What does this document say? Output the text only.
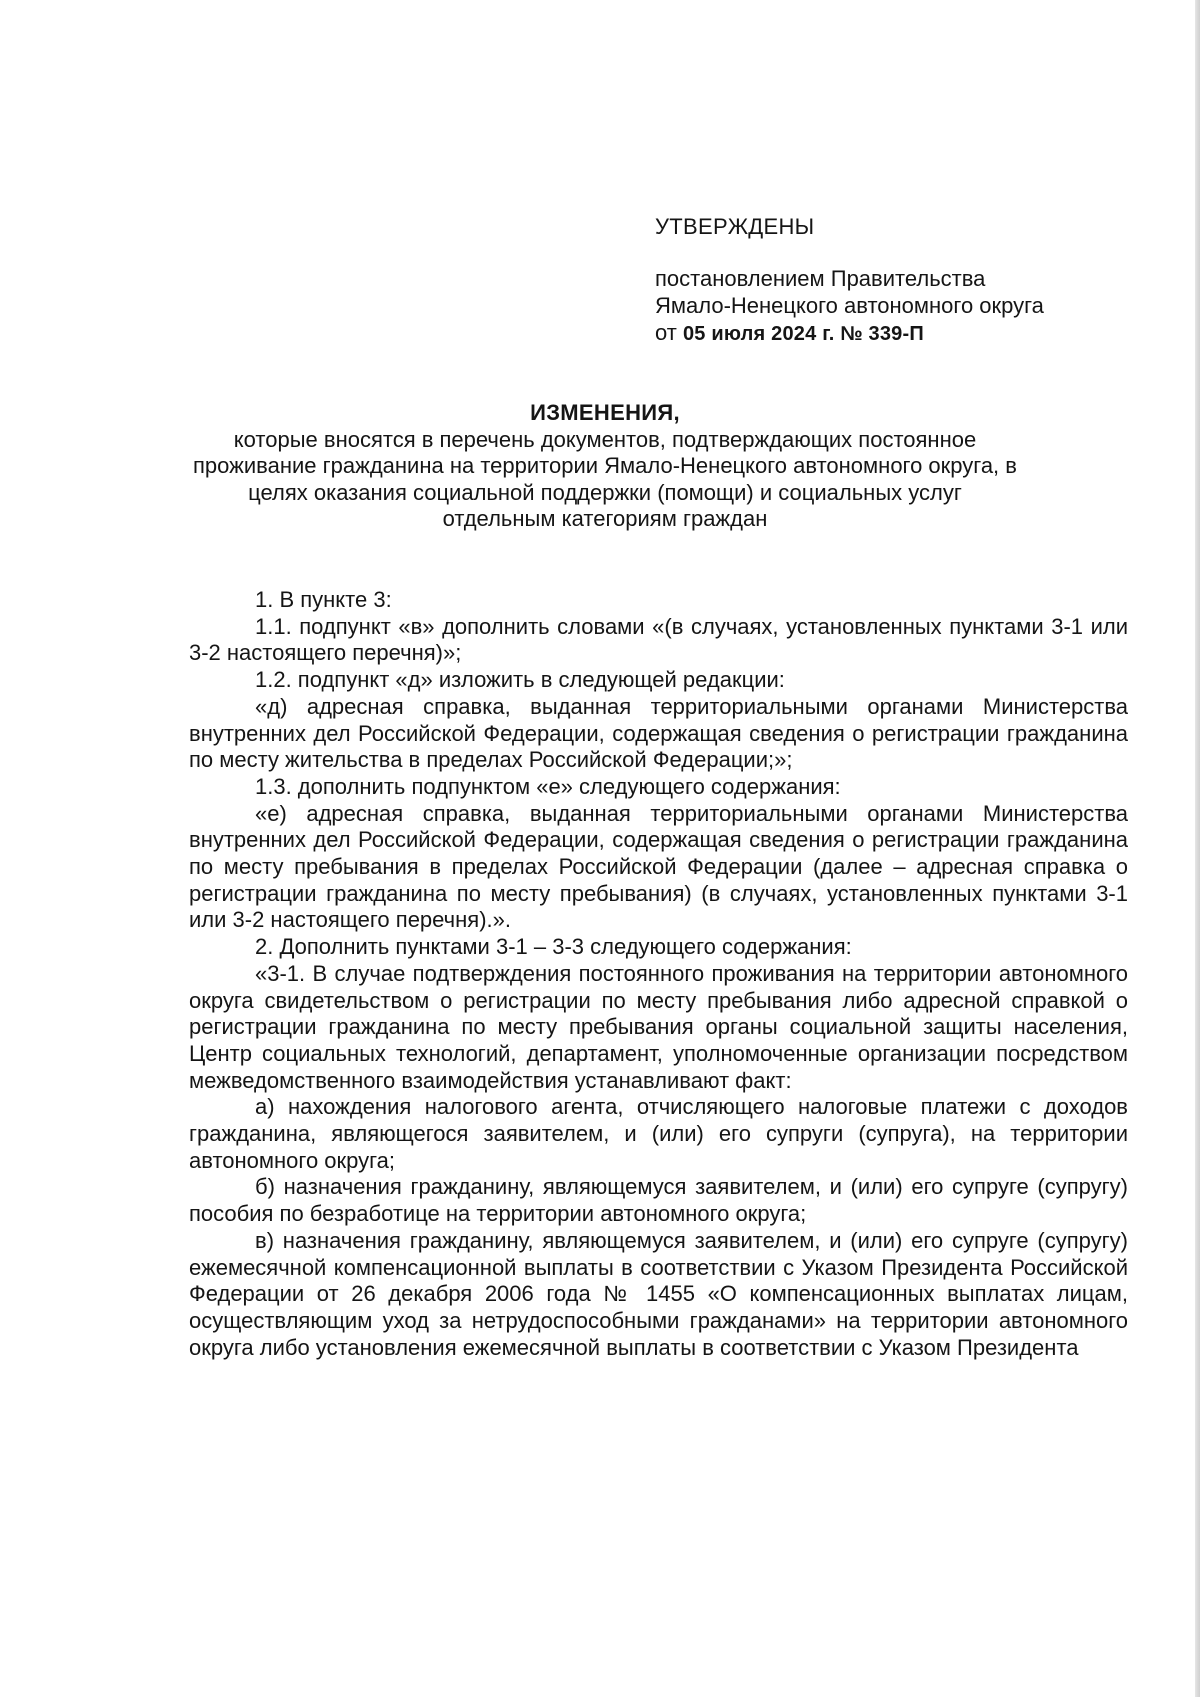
УТВЕРЖДЕНЫ
постановлением Правительства
Ямало-Ненецкого автономного округа
от 05 июля 2024 г. № 339-П
ИЗМЕНЕНИЯ,
которые вносятся в перечень документов, подтверждающих постоянное проживание гражданина на территории Ямало-Ненецкого автономного округа, в целях оказания социальной поддержки (помощи) и социальных услуг отдельным категориям граждан

1. В пункте 3:

1.1. подпункт «в» дополнить словами «(в случаях, установленных пунктами 3-1 или 3-2 настоящего перечня)»;

1.2. подпункт «д» изложить в следующей редакции:

«д) адресная справка, выданная территориальными органами Министерства внутренних дел Российской Федерации, содержащая сведения о регистрации гражданина по месту жительства в пределах Российской Федерации;»;

1.3. дополнить подпунктом «е» следующего содержания:

«е) адресная справка, выданная территориальными органами Министерства внутренних дел Российской Федерации, содержащая сведения о регистрации гражданина по месту пребывания в пределах Российской Федерации (далее – адресная справка о регистрации гражданина по месту пребывания) (в случаях, установленных пунктами 3-1 или 3-2 настоящего перечня).».

2. Дополнить пунктами 3-1 – 3-3 следующего содержания:

«3-1. В случае подтверждения постоянного проживания на территории автономного округа свидетельством о регистрации по месту пребывания либо адресной справкой о регистрации гражданина по месту пребывания органы социальной защиты населения, Центр социальных технологий, департамент, уполномоченные организации посредством межведомственного взаимодействия устанавливают факт:

а) нахождения налогового агента, отчисляющего налоговые платежи с доходов гражданина, являющегося заявителем, и (или) его супруги (супруга), на территории автономного округа;

б) назначения гражданину, являющемуся заявителем, и (или) его супруге (супругу) пособия по безработице на территории автономного округа;

в) назначения гражданину, являющемуся заявителем, и (или) его супруге (супругу) ежемесячной компенсационной выплаты в соответствии с Указом Президента Российской Федерации от 26 декабря 2006 года № 1455 «О компенсационных выплатах лицам, осуществляющим уход за нетрудоспособными гражданами» на территории автономного округа либо установления ежемесячной выплаты в соответствии с Указом Президента
